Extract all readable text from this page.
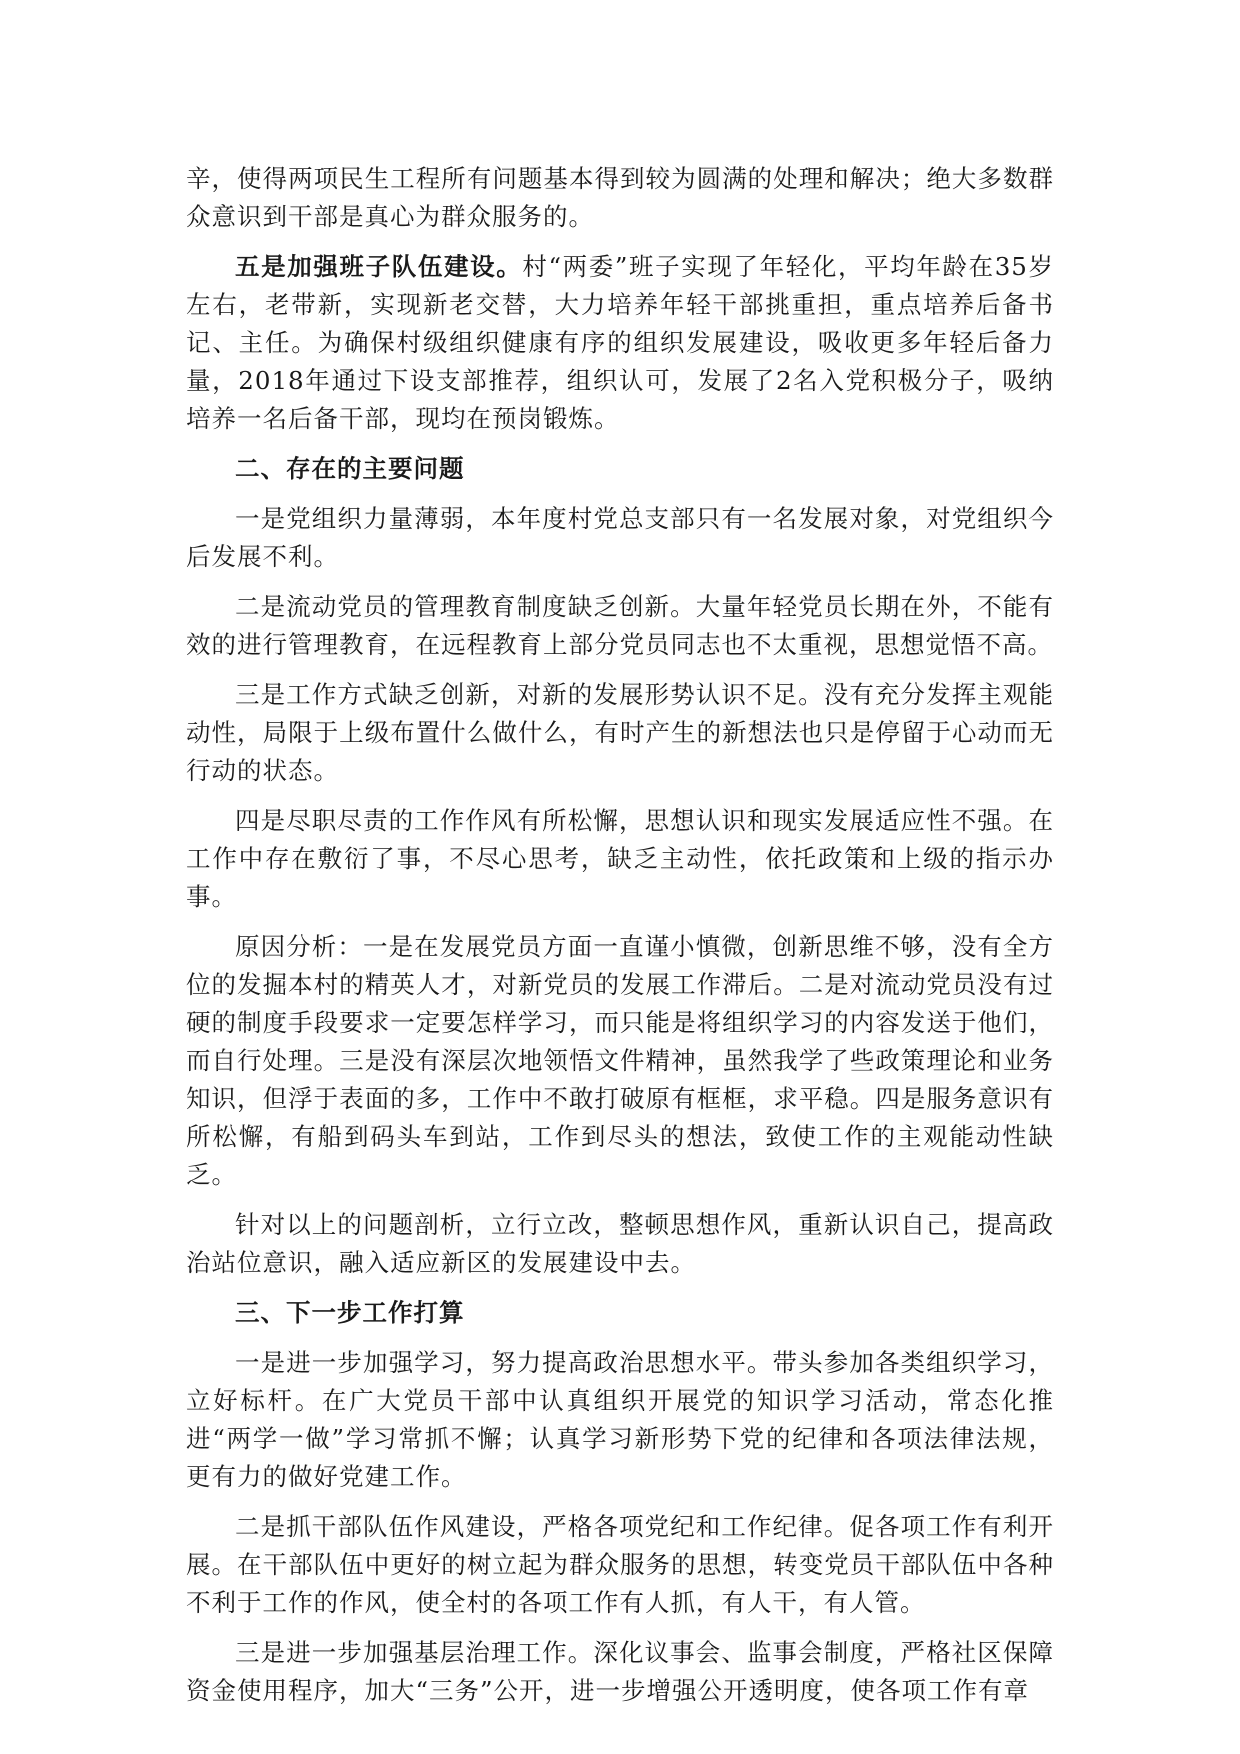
辛，使得两项民生工程所有问题基本得到较为圆满的处理和解决；绝大多数群众意识到干部是真心为群众服务的。

五是加强班子队伍建设。村“两委”班子实现了年轻化，平均年龄在35岁左右，老带新，实现新老交替，大力培养年轻干部挑重担，重点培养后备书记、主任。为确保村级组织健康有序的组织发展建设，吸收更多年轻后备力量，2018年通过下设支部推荐，组织认可，发展了2名入党积极分子，吸纳培养一名后备干部，现均在预岗锻炼。

二、存在的主要问题

一是党组织力量薄弱，本年度村党总支部只有一名发展对象，对党组织今后发展不利。

二是流动党员的管理教育制度缺乏创新。大量年轻党员长期在外，不能有效的进行管理教育，在远程教育上部分党员同志也不太重视，思想觉悟不高。

三是工作方式缺乏创新，对新的发展形势认识不足。没有充分发挥主观能动性，局限于上级布置什么做什么，有时产生的新想法也只是停留于心动而无行动的状态。

四是尽职尽责的工作作风有所松懈，思想认识和现实发展适应性不强。在工作中存在敷衍了事，不尽心思考，缺乏主动性，依托政策和上级的指示办事。

原因分析：一是在发展党员方面一直谨小慎微，创新思维不够，没有全方位的发掘本村的精英人才，对新党员的发展工作滞后。二是对流动党员没有过硬的制度手段要求一定要怎样学习，而只能是将组织学习的内容发送于他们，而自行处理。三是没有深层次地领悟文件精神，虽然我学了些政策理论和业务知识，但浮于表面的多，工作中不敢打破原有框框，求平稳。四是服务意识有所松懈，有船到码头车到站，工作到尽头的想法，致使工作的主观能动性缺乏。

针对以上的问题剖析，立行立改，整顿思想作风，重新认识自己，提高政治站位意识，融入适应新区的发展建设中去。

三、下一步工作打算

一是进一步加强学习，努力提高政治思想水平。带头参加各类组织学习，立好标杆。在广大党员干部中认真组织开展党的知识学习活动，常态化推进“两学一做”学习常抓不懈；认真学习新形势下党的纪律和各项法律法规，更有力的做好党建工作。

二是抓干部队伍作风建设，严格各项党纪和工作纪律。促各项工作有利开展。在干部队伍中更好的树立起为群众服务的思想，转变党员干部队伍中各种不利于工作的作风，使全村的各项工作有人抓，有人干，有人管。

三是进一步加强基层治理工作。深化议事会、监事会制度，严格社区保障资金使用程序，加大“三务”公开，进一步增强公开透明度，使各项工作有章
